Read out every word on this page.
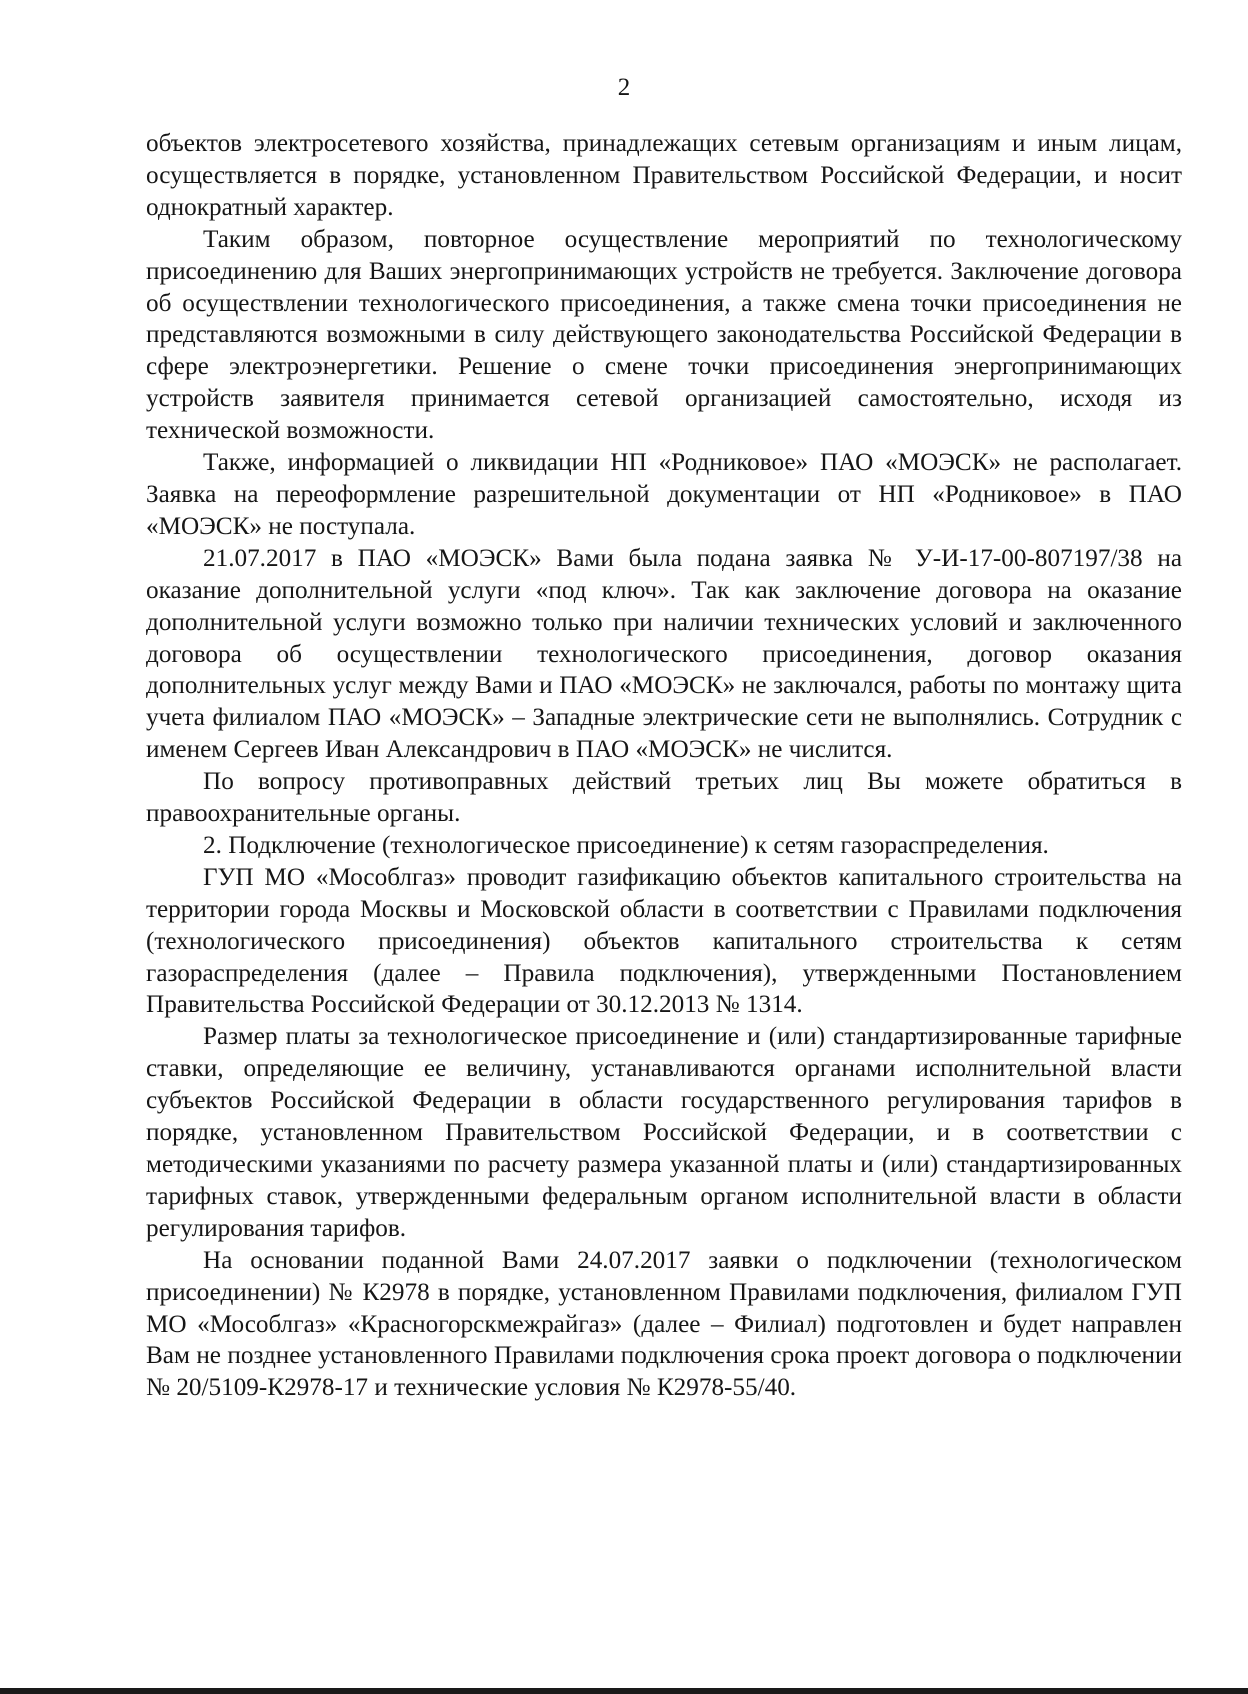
2

объектов электросетевого хозяйства, принадлежащих сетевым организациям и иным лицам, осуществляется в порядке, установленном Правительством Российской Федерации, и носит однократный характер.

Таким образом, повторное осуществление мероприятий по технологическому присоединению для Ваших энергопринимающих устройств не требуется. Заключение договора об осуществлении технологического присоединения, а также смена точки присоединения не представляются возможными в силу действующего законодательства Российской Федерации в сфере электроэнергетики. Решение о смене точки присоединения энергопринимающих устройств заявителя принимается сетевой организацией самостоятельно, исходя из технической возможности.

Также, информацией о ликвидации НП «Родниковое» ПАО «МОЭСК» не располагает. Заявка на переоформление разрешительной документации от НП «Родниковое» в ПАО «МОЭСК» не поступала.

21.07.2017 в ПАО «МОЭСК» Вами была подана заявка № У-И-17-00-807197/38 на оказание дополнительной услуги «под ключ». Так как заключение договора на оказание дополнительной услуги возможно только при наличии технических условий и заключенного договора об осуществлении технологического присоединения, договор оказания дополнительных услуг между Вами и ПАО «МОЭСК» не заключался, работы по монтажу щита учета филиалом ПАО «МОЭСК» – Западные электрические сети не выполнялись. Сотрудник с именем Сергеев Иван Александрович в ПАО «МОЭСК» не числится.

По вопросу противоправных действий третьих лиц Вы можете обратиться в правоохранительные органы.

2. Подключение (технологическое присоединение) к сетям газораспределения.

ГУП МО «Мособлгаз» проводит газификацию объектов капитального строительства на территории города Москвы и Московской области в соответствии с Правилами подключения (технологического присоединения) объектов капитального строительства к сетям газораспределения (далее – Правила подключения), утвержденными Постановлением Правительства Российской Федерации от 30.12.2013 № 1314.

Размер платы за технологическое присоединение и (или) стандартизированные тарифные ставки, определяющие ее величину, устанавливаются органами исполнительной власти субъектов Российской Федерации в области государственного регулирования тарифов в порядке, установленном Правительством Российской Федерации, и в соответствии с методическими указаниями по расчету размера указанной платы и (или) стандартизированных тарифных ставок, утвержденными федеральным органом исполнительной власти в области регулирования тарифов.

На основании поданной Вами 24.07.2017 заявки о подключении (технологическом присоединении) № К2978 в порядке, установленном Правилами подключения, филиалом ГУП МО «Мособлгаз» «Красногорскмежрайгаз» (далее – Филиал) подготовлен и будет направлен Вам не позднее установленного Правилами подключения срока проект договора о подключении № 20/5109-К2978-17 и технические условия № К2978-55/40.
